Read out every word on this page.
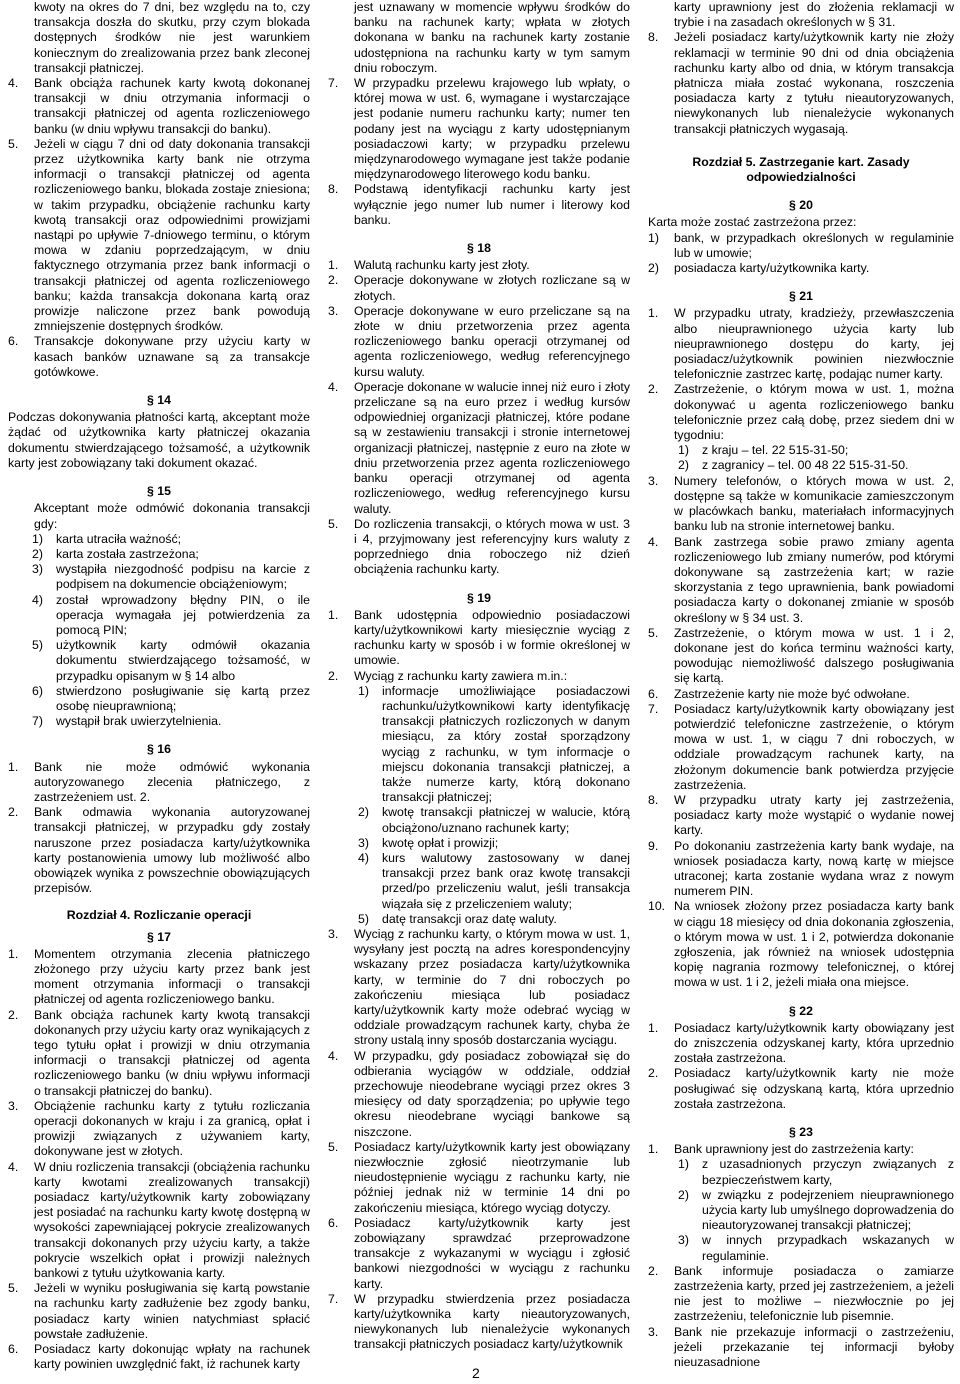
kwoty na okres do 7 dni, bez względu na to, czy transakcja doszła do skutku, przy czym blokada dostępnych środków nie jest warunkiem koniecznym do zrealizowania przez bank zleconej transakcji płatniczej.

4. Bank obciąża rachunek karty kwotą dokonanej transakcji w dniu otrzymania informacji o transakcji płatniczej od agenta rozliczeniowego banku (w dniu wpływu transakcji do banku).
5. Jeżeli w ciągu 7 dni od daty dokonania transakcji przez użytkownika karty bank nie otrzyma informacji o transakcji płatniczej od agenta rozliczeniowego banku, blokada zostaje zniesiona; w takim przypadku, obciążenie rachunku karty kwotą transakcji oraz odpowiednimi prowizjami nastąpi po upływie 7-dniowego terminu, o którym mowa w zdaniu poprzedzającym, w dniu faktycznego otrzymania przez bank informacji o transakcji płatniczej od agenta rozliczeniowego banku; każda transakcja dokonana kartą oraz prowizje naliczone przez bank powodują zmniejszenie dostępnych środków.
6. Transakcje dokonywane przy użyciu karty w kasach banków uznawane są za transakcje gotówkowe.
§ 14

Podczas dokonywania płatności kartą, akceptant może żądać od użytkownika karty płatniczej okazania dokumentu stwierdzającego tożsamość, a użytkownik karty jest zobowiązany taki dokument okazać.

§ 15

Akceptant może odmówić dokonania transakcji gdy:

1) karta utraciła ważność;
2) karta została zastrzeżona;
3) wystąpiła niezgodność podpisu na karcie z podpisem na dokumencie obciążeniowym;
4) został wprowadzony błędny PIN, o ile operacja wymagała jej potwierdzenia za pomocą PIN;
5) użytkownik karty odmówił okazania dokumentu stwierdzającego tożsamość, w przypadku opisanym w § 14 albo
6) stwierdzono posługiwanie się kartą przez osobę nieuprawnioną;
7) wystąpił brak uwierzytelnienia.
§ 16
1. Bank nie może odmówić wykonania autoryzowanego zlecenia płatniczego, z zastrzeżeniem ust. 2.
2. Bank odmawia wykonania autoryzowanej transakcji płatniczej, w przypadku gdy zostały naruszone przez posiadacza karty/użytkownika karty postanowienia umowy lub możliwość albo obowiązek wynika z powszechnie obowiązujących przepisów.
Rozdział 4. Rozliczanie operacji
§ 17
1. Momentem otrzymania zlecenia płatniczego złożonego przy użyciu karty przez bank jest moment otrzymania informacji o transakcji płatniczej od agenta rozliczeniowego banku.
2. Bank obciąża rachunek karty kwotą transakcji dokonanych przy użyciu karty oraz wynikających z tego tytułu opłat i prowizji w dniu otrzymania informacji o transakcji płatniczej od agenta rozliczeniowego banku (w dniu wpływu informacji o transakcji płatniczej do banku).
3. Obciążenie rachunku karty z tytułu rozliczania operacji dokonanych w kraju i za granicą, opłat i prowizji związanych z używaniem karty, dokonywane jest w złotych.
4. W dniu rozliczenia transakcji (obciążenia rachunku karty kwotami zrealizowanych transakcji) posiadacz karty/użytkownik karty zobowiązany jest posiadać na rachunku karty kwotę dostępną w wysokości zapewniającej pokrycie zrealizowanych transakcji dokonanych przy użyciu karty, a także pokrycie wszelkich opłat i prowizji należnych bankowi z tytułu użytkowania karty.
5. Jeżeli w wyniku posługiwania się kartą powstanie na rachunku karty zadłużenie bez zgody banku, posiadacz karty winien natychmiast spłacić powstałe zadłużenie.
6. Posiadacz karty dokonując wpłaty na rachunek karty powinien uwzględnić fakt, iż rachunek karty

jest uznawany w momencie wpływu środków do banku na rachunek karty; wpłata w złotych dokonana w banku na rachunek karty zostanie udostępniona na rachunku karty w tym samym dniu roboczym.

7. W przypadku przelewu krajowego lub wpłaty, o której mowa w ust. 6, wymagane i wystarczające jest podanie numeru rachunku karty; numer ten podany jest na wyciągu z karty udostępnianym posiadaczowi karty; w przypadku przelewu międzynarodowego wymagane jest także podanie międzynarodowego literowego kodu banku.
8. Podstawą identyfikacji rachunku karty jest wyłącznie jego numer lub numer i literowy kod banku.
§ 18
1. Walutą rachunku karty jest złoty.
2. Operacje dokonywane w złotych rozliczane są w złotych.
3. Operacje dokonywane w euro przeliczane są na złote w dniu przetworzenia przez agenta rozliczeniowego banku operacji otrzymanej od agenta rozliczeniowego, według referencyjnego kursu waluty.
4. Operacje dokonane w walucie innej niż euro i złoty przeliczane są na euro przez i według kursów odpowiedniej organizacji płatniczej, które podane są w zestawieniu transakcji i stronie internetowej organizacji płatniczej, następnie z euro na złote w dniu przetworzenia przez agenta rozliczeniowego banku operacji otrzymanej od agenta rozliczeniowego, według referencyjnego kursu waluty.
5. Do rozliczenia transakcji, o których mowa w ust. 3 i 4, przyjmowany jest referencyjny kurs waluty z poprzedniego dnia roboczego niż dzień obciążenia rachunku karty.
§ 19
1. Bank udostępnia odpowiednio posiadaczowi karty/użytkownikowi karty miesięcznie wyciąg z rachunku karty w sposób i w formie określonej w umowie.
2. Wyciąg z rachunku karty zawiera m.in.:
1) informacje umożliwiające posiadaczowi rachunku/użytkownikowi karty identyfikację transakcji płatniczych rozliczonych w danym miesiącu, za który został sporządzony wyciąg z rachunku, w tym informacje o miejscu dokonania transakcji płatniczej, a także numerze karty, którą dokonano transakcji płatniczej;
2) kwotę transakcji płatniczej w walucie, którą obciążono/uznano rachunek karty;
3) kwotę opłat i prowizji;
4) kurs walutowy zastosowany w danej transakcji przez bank oraz kwotę transakcji przed/po przeliczeniu walut, jeśli transakcja wiązała się z przeliczeniem waluty;
5) datę transakcji oraz datę waluty.
3. Wyciąg z rachunku karty, o którym mowa w ust. 1, wysyłany jest pocztą na adres korespondencyjny wskazany przez posiadacza karty/użytkownika karty, w terminie do 7 dni roboczych po zakończeniu miesiąca lub posiadacz karty/użytkownik karty może odebrać wyciąg w oddziale prowadzącym rachunek karty, chyba że strony ustalą inny sposób dostarczania wyciągu.
4. W przypadku, gdy posiadacz zobowiązał się do odbierania wyciągów w oddziale, oddział przechowuje nieodebrane wyciągi przez okres 3 miesięcy od daty sporządzenia; po upływie tego okresu nieodebrane wyciągi bankowe są niszczone.
5. Posiadacz karty/użytkownik karty jest obowiązany niezwłocznie zgłosić nieotrzymanie lub nieudostępnienie wyciągu z rachunku karty, nie później jednak niż w terminie 14 dni po zakończeniu miesiąca, którego wyciąg dotyczy.
6. Posiadacz karty/użytkownik karty jest zobowiązany sprawdzać przeprowadzone transakcje z wykazanymi w wyciągu i zgłosić bankowi niezgodności w wyciągu z rachunku karty.
7. W przypadku stwierdzenia przez posiadacza karty/użytkownika karty nieautoryzowanych, niewykonanych lub nienależycie wykonanych transakcji płatniczych posiadacz karty/użytkownik

karty uprawniony jest do złożenia reklamacji w trybie i na zasadach określonych w § 31.

8. Jeżeli posiadacz karty/użytkownik karty nie złoży reklamacji w terminie 90 dni od dnia obciążenia rachunku karty albo od dnia, w którym transakcja płatnicza miała zostać wykonana, roszczenia posiadacza karty z tytułu nieautoryzowanych, niewykonanych lub nienależycie wykonanych transakcji płatniczych wygasają.
Rozdział 5. Zastrzeganie kart. Zasady odpowiedzialności
§ 20

Karta może zostać zastrzeżona przez:

1) bank, w przypadkach określonych w regulaminie lub w umowie;
2) posiadacza karty/użytkownika karty.
§ 21
1. W przypadku utraty, kradzieży, przewłaszczenia albo nieuprawnionego użycia karty lub nieuprawnionego dostępu do karty, jej posiadacz/użytkownik powinien niezwłocznie telefonicznie zastrzec kartę, podając numer karty.
2. Zastrzeżenie, o którym mowa w ust. 1, można dokonywać u agenta rozliczeniowego banku telefonicznie przez całą dobę, przez siedem dni w tygodniu:
1) z kraju – tel. 22 515-31-50;
2) z zagranicy – tel. 00 48 22 515-31-50.
3. Numery telefonów, o których mowa w ust. 2, dostępne są także w komunikacie zamieszczonym w placówkach banku, materiałach informacyjnych banku lub na stronie internetowej banku.
4. Bank zastrzega sobie prawo zmiany agenta rozliczeniowego lub zmiany numerów, pod którymi dokonywane są zastrzeżenia kart; w razie skorzystania z tego uprawnienia, bank powiadomi posiadacza karty o dokonanej zmianie w sposób określony w § 34 ust. 3.
5. Zastrzeżenie, o którym mowa w ust. 1 i 2, dokonane jest do końca terminu ważności karty, powodując niemożliwość dalszego posługiwania się kartą.
6. Zastrzeżenie karty nie może być odwołane.
7. Posiadacz karty/użytkownik karty obowiązany jest potwierdzić telefoniczne zastrzeżenie, o którym mowa w ust. 1, w ciągu 7 dni roboczych, w oddziale prowadzącym rachunek karty, na złożonym dokumencie bank potwierdza przyjęcie zastrzeżenia.
8. W przypadku utraty karty jej zastrzeżenia, posiadacz karty może wystąpić o wydanie nowej karty.
9. Po dokonaniu zastrzeżenia karty bank wydaje, na wniosek posiadacza karty, nową kartę w miejsce utraconej; karta zostanie wydana wraz z nowym numerem PIN.
10. Na wniosek złożony przez posiadacza karty bank w ciągu 18 miesięcy od dnia dokonania zgłoszenia, o którym mowa w ust. 1 i 2, potwierdza dokonanie zgłoszenia, jak również na wniosek udostępnia kopię nagrania rozmowy telefonicznej, o której mowa w ust. 1 i 2, jeżeli miała ona miejsce.
§ 22
1. Posiadacz karty/użytkownik karty obowiązany jest do zniszczenia odzyskanej karty, która uprzednio została zastrzeżona.
2. Posiadacz karty/użytkownik karty nie może posługiwać się odzyskaną kartą, która uprzednio została zastrzeżona.
§ 23
1. Bank uprawniony jest do zastrzeżenia karty:
1) z uzasadnionych przyczyn związanych z bezpieczeństwem karty,
2) w związku z podejrzeniem nieuprawnionego użycia karty lub umyślnego doprowadzenia do nieautoryzowanej transakcji płatniczej;
3) w innych przypadkach wskazanych w regulaminie.
2. Bank informuje posiadacza o zamiarze zastrzeżenia karty, przed jej zastrzeżeniem, a jeżeli nie jest to możliwe – niezwłocznie po jej zastrzeżeniu, telefonicznie lub pisemnie.
3. Bank nie przekazuje informacji o zastrzeżeniu, jeżeli przekazanie tej informacji byłoby nieuzasadnione
2
